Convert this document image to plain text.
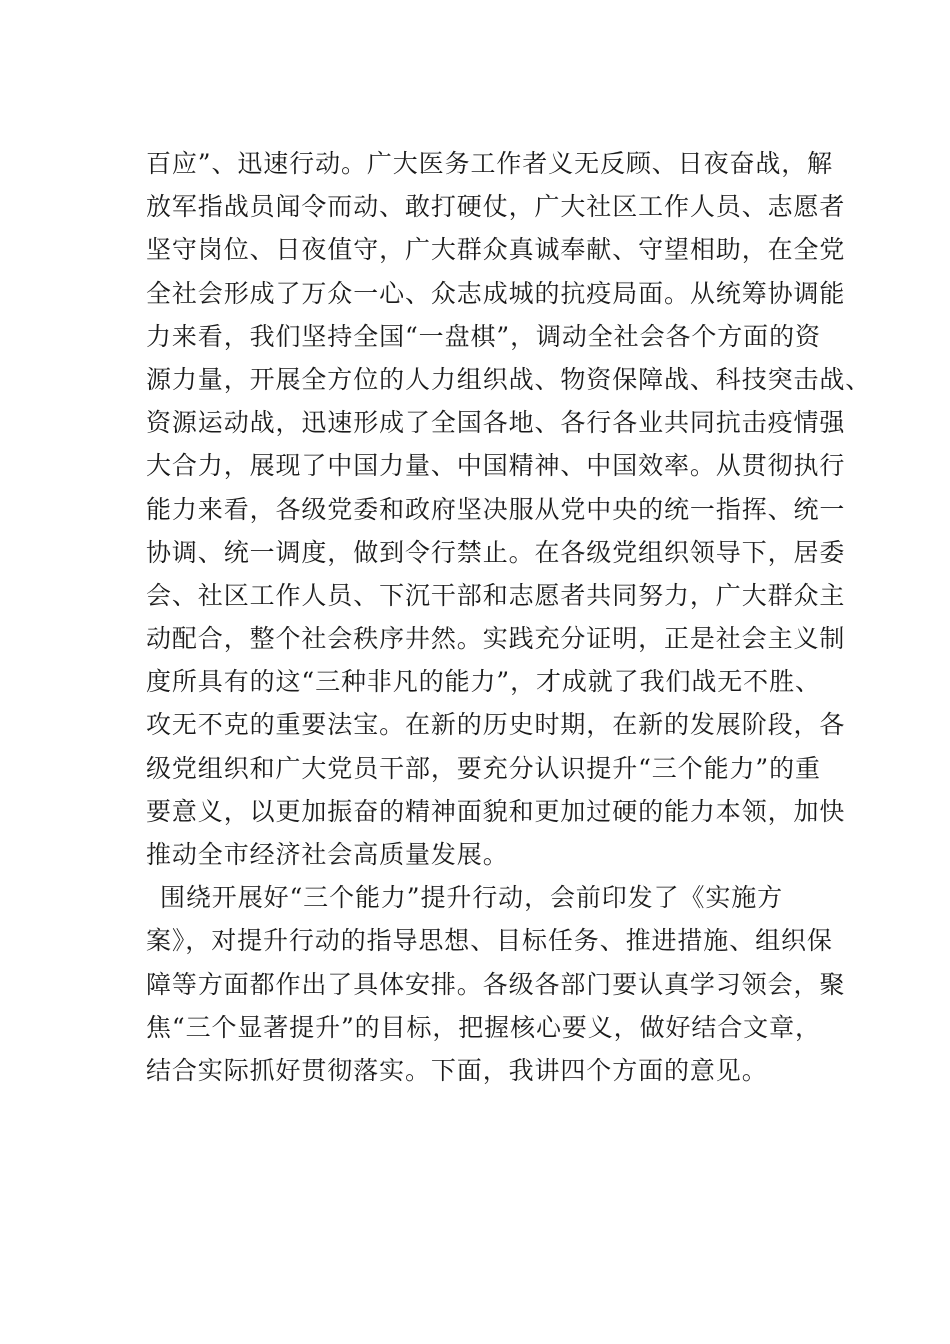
百应”、迅速行动。广大医务工作者义无反顾、日夜奋战，解
放军指战员闻令而动、敢打硬仗，广大社区工作人员、志愿者
坚守岗位、日夜值守，广大群众真诚奉献、守望相助，在全党
全社会形成了万众一心、众志成城的抗疫局面。从统筹协调能
力来看，我们坚持全国“一盘棋”，调动全社会各个方面的资
源力量，开展全方位的人力组织战、物资保障战、科技突击战、
资源运动战，迅速形成了全国各地、各行各业共同抗击疫情强
大合力，展现了中国力量、中国精神、中国效率。从贯彻执行
能力来看，各级党委和政府坚决服从党中央的统一指挥、统一
协调、统一调度，做到令行禁止。在各级党组织领导下，居委
会、社区工作人员、下沉干部和志愿者共同努力，广大群众主
动配合，整个社会秩序井然。实践充分证明，正是社会主义制
度所具有的这“三种非凡的能力”，才成就了我们战无不胜、
攻无不克的重要法宝。在新的历史时期，在新的发展阶段，各
级党组织和广大党员干部，要充分认识提升“三个能力”的重
要意义，以更加振奋的精神面貌和更加过硬的能力本领，加快
推动全市经济社会高质量发展。
围绕开展好“三个能力”提升行动，会前印发了《实施方
案》，对提升行动的指导思想、目标任务、推进措施、组织保
障等方面都作出了具体安排。各级各部门要认真学习领会，聚
焦“三个显著提升”的目标，把握核心要义，做好结合文章，
结合实际抓好贯彻落实。下面，我讲四个方面的意见。
